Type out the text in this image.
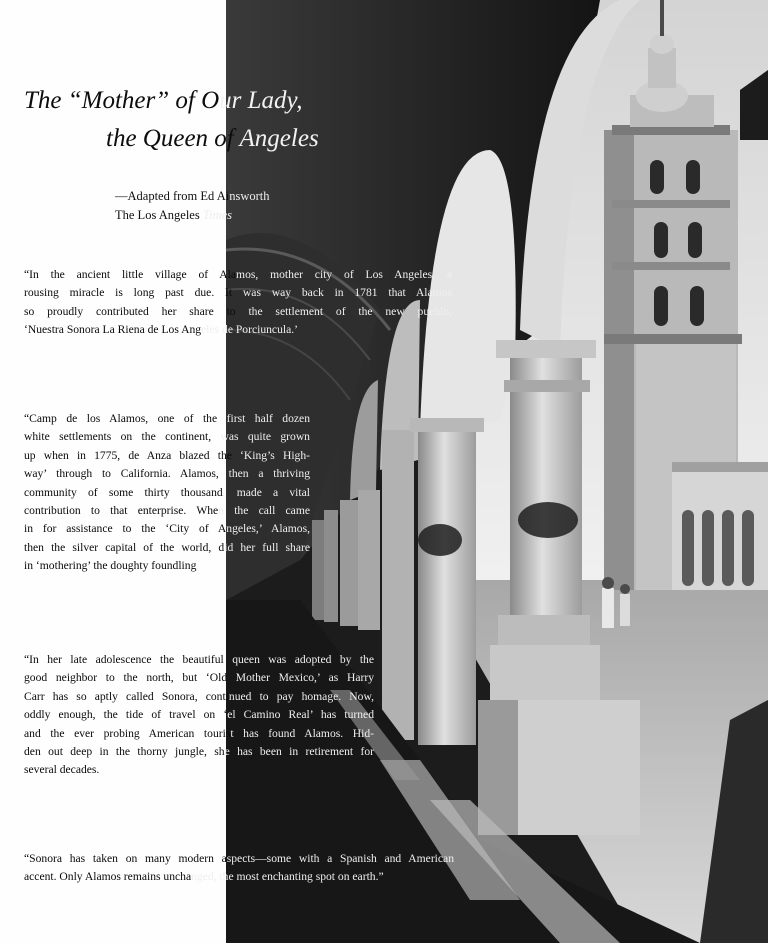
The “Mother” of Our Lady,
the Queen of Angeles
—Adapted from Ed Ainsworth
The Los Angeles Times
“In the ancient little village of Alamos, mother city of Los Angeles, a
rousing miracle is long past due. It was way back in 1781 that Alamos
so proudly contributed her share to the settlement of the new pueblo,
‘Nuestra Sonora La Riena de Los Angeles de Porciuncula.’
“Camp de los Alamos, one of the first half dozen
white settlements on the continent, was quite grown
up when in 1775, de Anza blazed the ‘King’s High-
way’ through to California. Alamos, then a thriving
community of some thirty thousand, made a vital
contribution to that enterprise. When the call came
in for assistance to the ‘City of Angeles,’ Alamos,
then the silver capital of the world, did her full share
in ‘mothering’ the doughty foundling.
“In her late adolescence the beautiful queen was adopted by the
good neighbor to the north, but ‘Old Mother Mexico,’ as Harry
Carr has so aptly called Sonora, continued to pay homage. Now,
oddly enough, the tide of travel on ‘el Camino Real’ has turned
and the ever probing American tourist has found Alamos. Hid-
den out deep in the thorny jungle, she has been in retirement for
several decades.
“Sonora has taken on many modern aspects—some with a Spanish and American
accent. Only Alamos remains unchanged, the most enchanting spot on earth.”
